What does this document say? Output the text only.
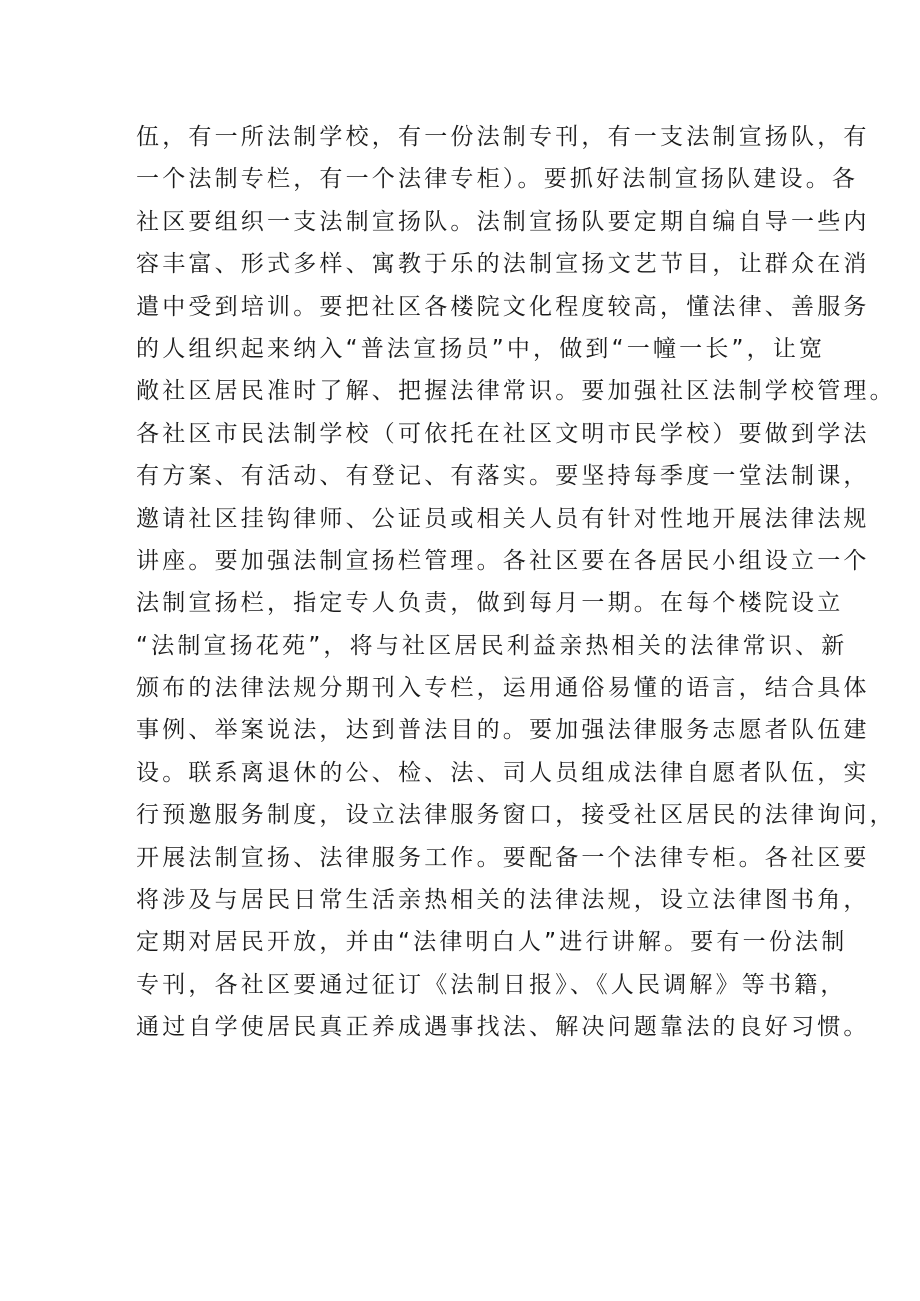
伍，有一所法制学校，有一份法制专刊，有一支法制宣扬队，有
一个法制专栏，有一个法律专柜）。要抓好法制宣扬队建设。各
社区要组织一支法制宣扬队。法制宣扬队要定期自编自导一些内
容丰富、形式多样、寓教于乐的法制宣扬文艺节目，让群众在消
遣中受到培训。要把社区各楼院文化程度较高，懂法律、善服务
的人组织起来纳入“普法宣扬员”中，做到“一幢一长”，让宽
敞社区居民准时了解、把握法律常识。要加强社区法制学校管理。
各社区市民法制学校（可依托在社区文明市民学校）要做到学法
有方案、有活动、有登记、有落实。要坚持每季度一堂法制课，
邀请社区挂钩律师、公证员或相关人员有针对性地开展法律法规
讲座。要加强法制宣扬栏管理。各社区要在各居民小组设立一个
法制宣扬栏，指定专人负责，做到每月一期。在每个楼院设立
“法制宣扬花苑”，将与社区居民利益亲热相关的法律常识、新
颁布的法律法规分期刊入专栏，运用通俗易懂的语言，结合具体
事例、举案说法，达到普法目的。要加强法律服务志愿者队伍建
设。联系离退休的公、检、法、司人员组成法律自愿者队伍，实
行预邀服务制度，设立法律服务窗口，接受社区居民的法律询问，
开展法制宣扬、法律服务工作。要配备一个法律专柜。各社区要
将涉及与居民日常生活亲热相关的法律法规，设立法律图书角，
定期对居民开放，并由“法律明白人”进行讲解。要有一份法制
专刊，各社区要通过征订《法制日报》、《人民调解》等书籍，
通过自学使居民真正养成遇事找法、解决问题靠法的良好习惯。
